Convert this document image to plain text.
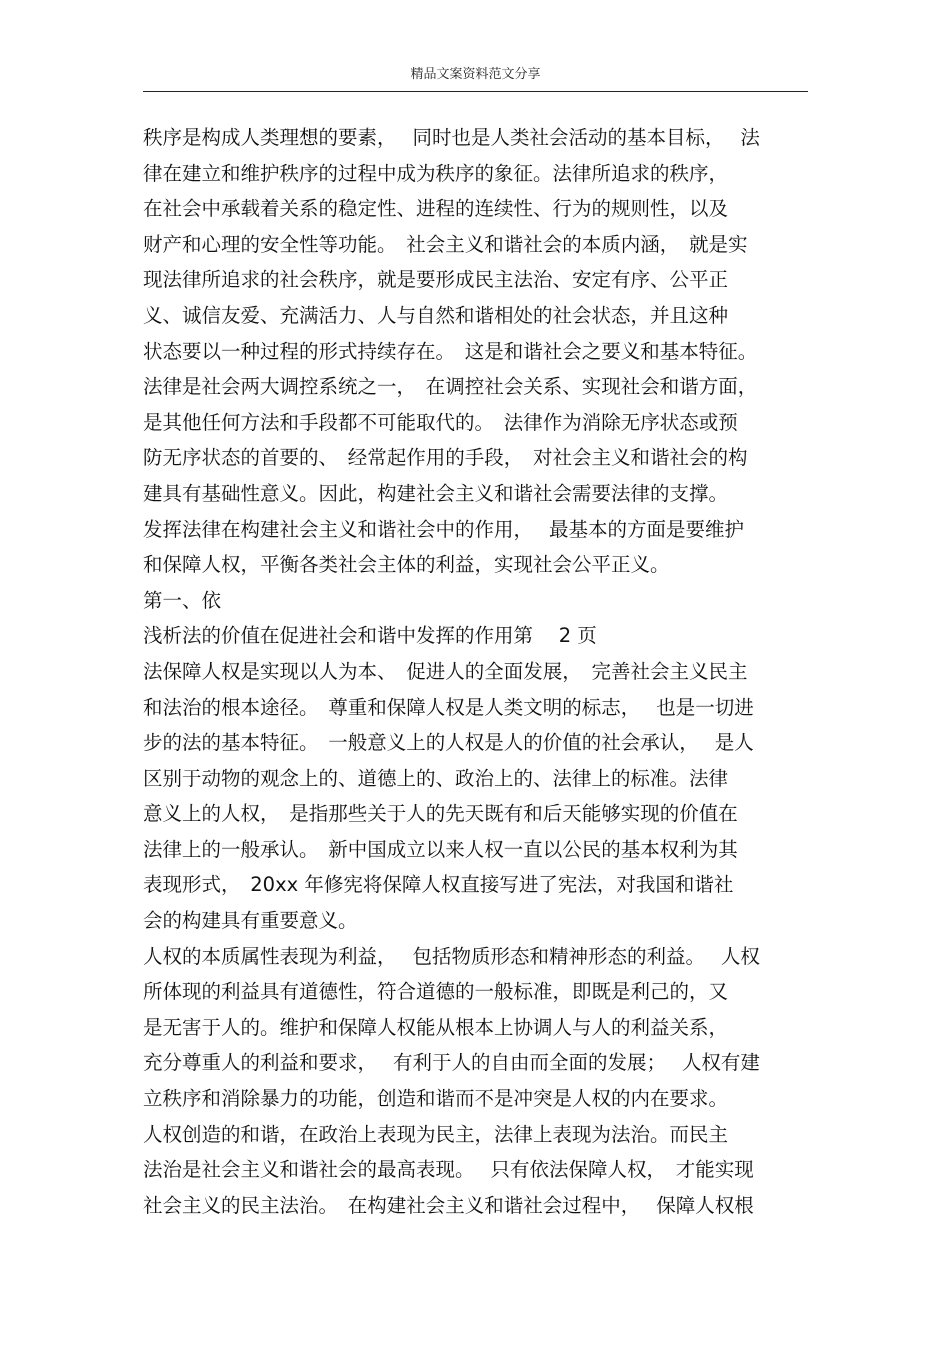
精品文案资料范文分享
秩序是构成人类理想的要素，　 同时也是人类社会活动的基本目标，　 法
律在建立和维护秩序的过程中成为秩序的象征。法律所追求的秩序，
在社会中承载着关系的稳定性、进程的连续性、行为的规则性，以及
财产和心理的安全性等功能。　社会主义和谐社会的本质内涵，　就是实
现法律所追求的社会秩序，就是要形成民主法治、安定有序、公平正
义、诚信友爱、充满活力、人与自然和谐相处的社会状态，并且这种
状态要以一种过程的形式持续存在。　这是和谐社会之要义和基本特征。
法律是社会两大调控系统之一，　在调控社会关系、实现社会和谐方面，
是其他任何方法和手段都不可能取代的。　法律作为消除无序状态或预
防无序状态的首要的、　经常起作用的手段，　对社会主义和谐社会的构
建具有基础性意义。因此，构建社会主义和谐社会需要法律的支撑。
发挥法律在构建社会主义和谐社会中的作用，　 最基本的方面是要维护
和保障人权，平衡各类社会主体的利益，实现社会公平正义。
第一、依
浅析法的价值在促进社会和谐中发挥的作用第　 2 页
法保障人权是实现以人为本、　促进人的全面发展，　完善社会主义民主
和法治的根本途径。　尊重和保障人权是人类文明的标志，　 也是一切进
步的法的基本特征。　一般意义上的人权是人的价值的社会承认，　 是人
区别于动物的观念上的、道德上的、政治上的、法律上的标准。法律
意义上的人权，　是指那些关于人的先天既有和后天能够实现的价值在
法律上的一般承认。　新中国成立以来人权一直以公民的基本权利为其
表现形式，　20xx 年修宪将保障人权直接写进了宪法，对我国和谐社
会的构建具有重要意义。
人权的本质属性表现为利益，　 包括物质形态和精神形态的利益。　 人权
所体现的利益具有道德性，符合道德的一般标准，即既是利己的，又
是无害于人的。维护和保障人权能从根本上协调人与人的利益关系，
充分尊重人的利益和要求，　 有利于人的自由而全面的发展；　 人权有建
立秩序和消除暴力的功能，创造和谐而不是冲突是人权的内在要求。
人权创造的和谐，在政治上表现为民主，法律上表现为法治。而民主
法治是社会主义和谐社会的最高表现。　 只有依法保障人权，　才能实现
社会主义的民主法治。　在构建社会主义和谐社会过程中，　 保障人权根
